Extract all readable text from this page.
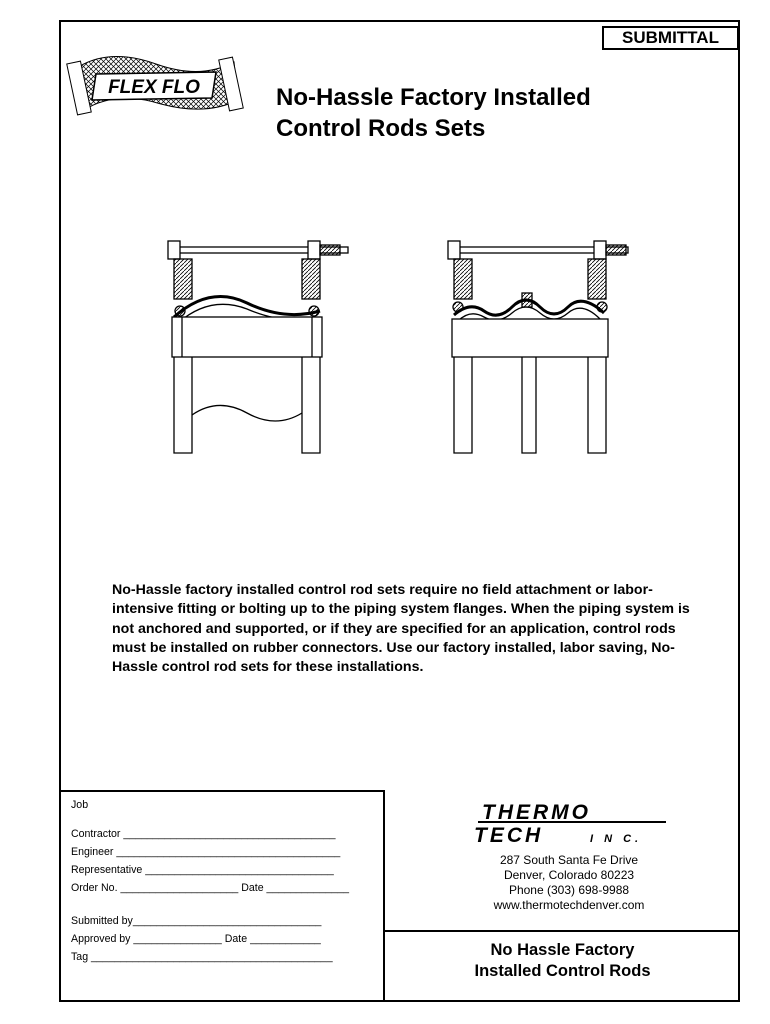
SUBMITTAL
FLEX FLO	No-Hassle Factory Installed
Control Rods Sets
No-Hassle factory installed control rod sets require no field attachment or labor-intensive fitting or bolting up to the piping system flanges. When the piping system is not anchored and supported, or if they are specified for an application, control rods must be installed on rubber connectors. Use our factory installed, labor saving, No-Hassle control rod sets for these installations.
Job
Contractor ____________________________________
Engineer ______________________________________
Representative ________________________________
Order No. ____________________ Date ______________
Submitted by________________________________
Approved by _______________ Date ____________
Tag _________________________________________
THERMO
TECH	I N C.
287 South Santa Fe Drive
Denver, Colorado 80223
Phone (303) 698-9988
www.thermotechdenver.com
No Hassle Factory
Installed Control Rods
